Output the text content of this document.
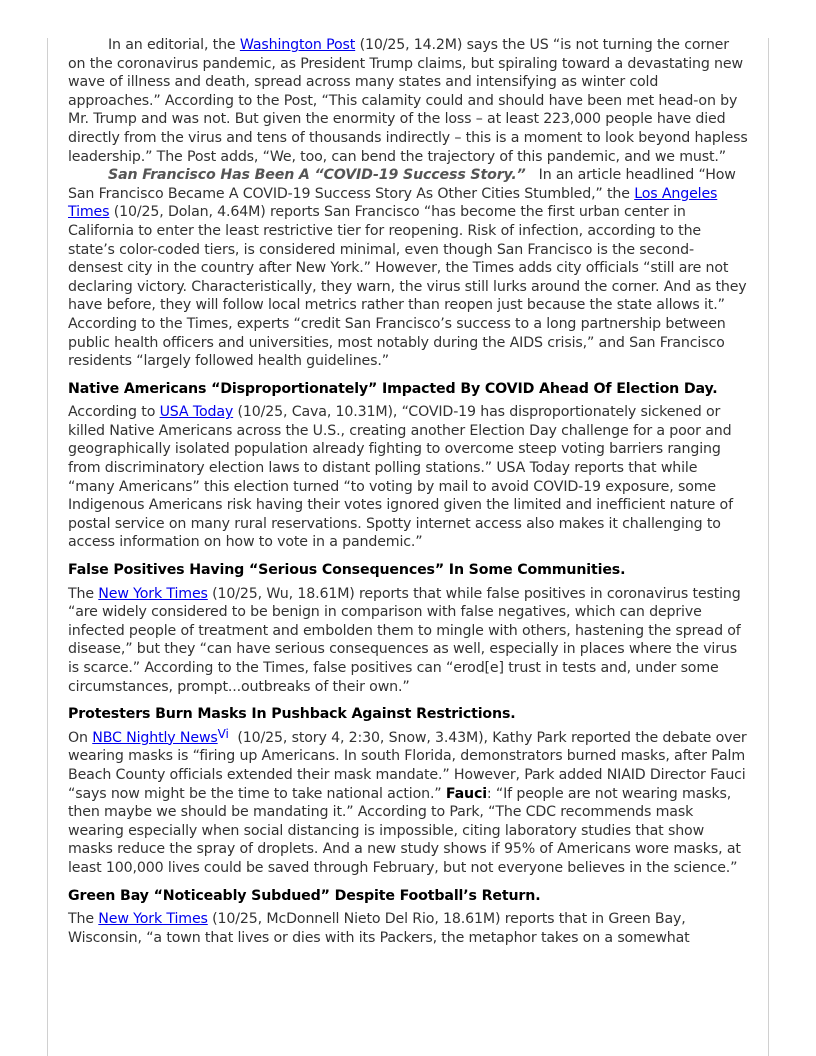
In an editorial, the Washington Post (10/25, 14.2M) says the US “is not turning the corner on the coronavirus pandemic, as President Trump claims, but spiraling toward a devastating new wave of illness and death, spread across many states and intensifying as winter cold approaches.” According to the Post, “This calamity could and should have been met head-on by Mr. Trump and was not. But given the enormity of the loss – at least 223,000 people have died directly from the virus and tens of thousands indirectly – this is a moment to look beyond hapless leadership.” The Post adds, “We, too, can bend the trajectory of this pandemic, and we must.”

San Francisco Has Been A “COVID-19 Success Story.”   In an article headlined “How San Francisco Became A COVID-19 Success Story As Other Cities Stumbled,” the Los Angeles Times (10/25, Dolan, 4.64M) reports San Francisco “has become the first urban center in California to enter the least restrictive tier for reopening. Risk of infection, according to the state’s color-coded tiers, is considered minimal, even though San Francisco is the second-densest city in the country after New York.” However, the Times adds city officials “still are not declaring victory. Characteristically, they warn, the virus still lurks around the corner. And as they have before, they will follow local metrics rather than reopen just because the state allows it.” According to the Times, experts “credit San Francisco’s success to a long partnership between public health officers and universities, most notably during the AIDS crisis,” and San Francisco residents “largely followed health guidelines.”

Native Americans “Disproportionately” Impacted By COVID Ahead Of Election Day.

According to USA Today (10/25, Cava, 10.31M), “COVID-19 has disproportionately sickened or killed Native Americans across the U.S., creating another Election Day challenge for a poor and geographically isolated population already fighting to overcome steep voting barriers ranging from discriminatory election laws to distant polling stations.” USA Today reports that while “many Americans” this election turned “to voting by mail to avoid COVID-19 exposure, some Indigenous Americans risk having their votes ignored given the limited and inefficient nature of postal service on many rural reservations. Spotty internet access also makes it challenging to access information on how to vote in a pandemic.”

False Positives Having “Serious Consequences” In Some Communities.

The New York Times (10/25, Wu, 18.61M) reports that while false positives in coronavirus testing “are widely considered to be benign in comparison with false negatives, which can deprive infected people of treatment and embolden them to mingle with others, hastening the spread of disease,” but they “can have serious consequences as well, especially in places where the virus is scarce.” According to the Times, false positives can “erod[e] trust in tests and, under some circumstances, prompt...outbreaks of their own.”

Protesters Burn Masks In Pushback Against Restrictions.

On NBC Nightly News$^{Vi}$  (10/25, story 4, 2:30, Snow, 3.43M), Kathy Park reported the debate over wearing masks is “firing up Americans. In south Florida, demonstrators burned masks, after Palm Beach County officials extended their mask mandate.” However, Park added NIAID Director Fauci “says now might be the time to take national action.” Fauci: “If people are not wearing masks, then maybe we should be mandating it.” According to Park, “The CDC recommends mask wearing especially when social distancing is impossible, citing laboratory studies that show masks reduce the spray of droplets. And a new study shows if 95% of Americans wore masks, at least 100,000 lives could be saved through February, but not everyone believes in the science.”

Green Bay “Noticeably Subdued” Despite Football’s Return.

The New York Times (10/25, McDonnell Nieto Del Rio, 18.61M) reports that in Green Bay, Wisconsin, “a town that lives or dies with its Packers, the metaphor takes on a somewhat
